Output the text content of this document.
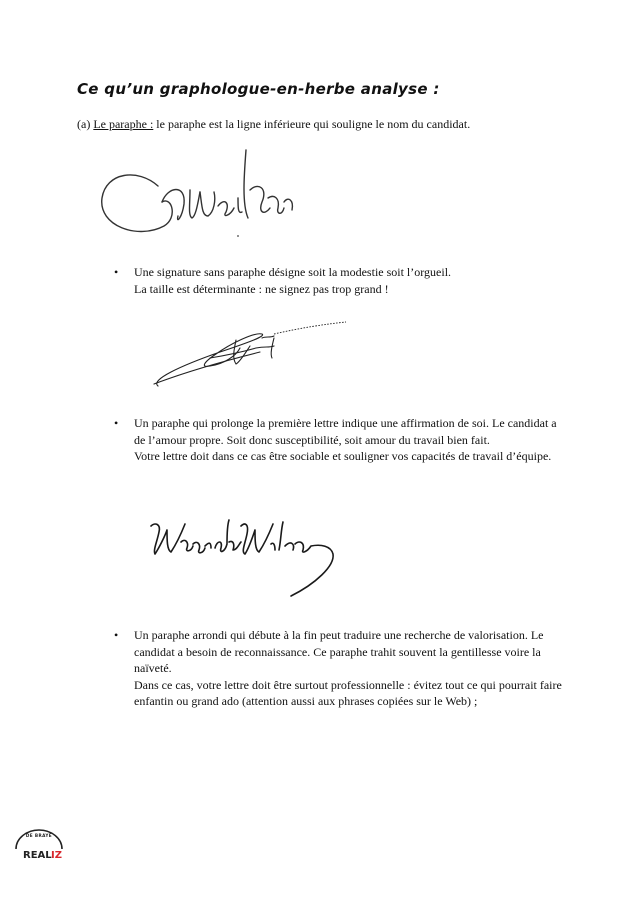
Ce qu’un graphologue-en-herbe analyse :
(a) Le paraphe : le paraphe est la ligne inférieure qui souligne le nom du candidat.
• Une signature sans paraphe désigne soit la modestie soit l’orgueil.

La taille est déterminante : ne signez pas trop grand !

• Un paraphe qui prolonge la première lettre indique une affirmation de soi. Le candidat a de l’amour propre. Soit donc susceptibilité, soit amour du travail bien fait.

Votre lettre doit dans ce cas être sociable et souligner vos capacités de travail d’équipe.

• Un paraphe arrondi qui débute à la fin peut traduire une recherche de valorisation. Le candidat a besoin de reconnaissance. Ce paraphe trahit souvent la gentillesse voire la naïveté.

Dans ce cas, votre lettre doit être surtout professionnelle : évitez tout ce qui pourrait faire enfantin ou grand ado (attention aussi aux phrases copiées sur le Web) ;

DE BRAYE
REAL IZ
